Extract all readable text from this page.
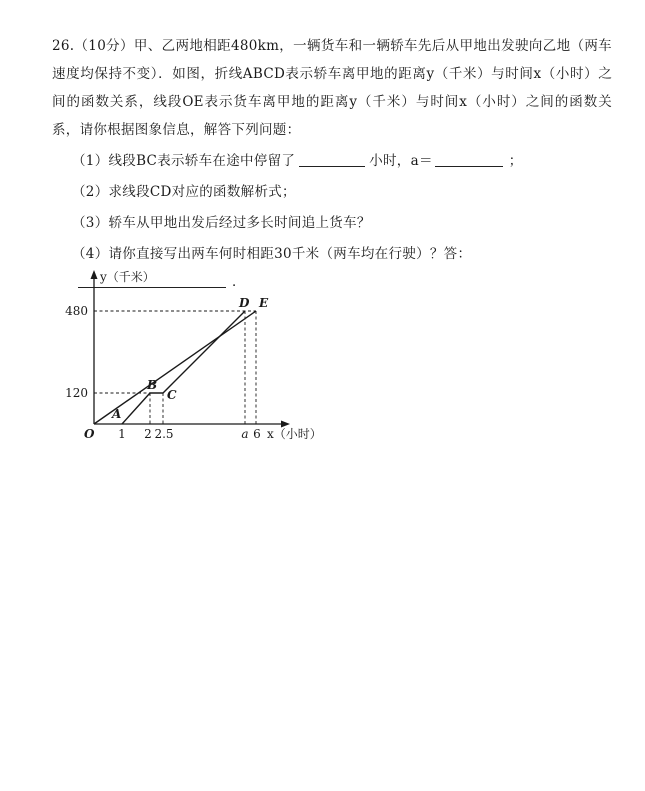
26.（10分）甲、乙两地相距480km，一辆货车和一辆轿车先后从甲地出发驶向乙地（两车速度均保持不变）．如图，折线ABCD表示轿车离甲地的距离y（千米）与时间x（小时）之间的函数关系，线段OE表示货车离甲地的距离y（千米）与时间x（小时）之间的函数关系，请你根据图象信息，解答下列问题：

（1）线段BC表示轿车在途中停留了	小时，a＝	；

（2）求线段CD对应的函数解析式；

（3）轿车从甲地出发后经过多长时间追上货车？

（4）请你直接写出两车何时相距30千米（两车均在行驶）？答：．

480
120
O 1 2 2.5	a 6
y（千米）
x（小时）
A
B
C
D E
